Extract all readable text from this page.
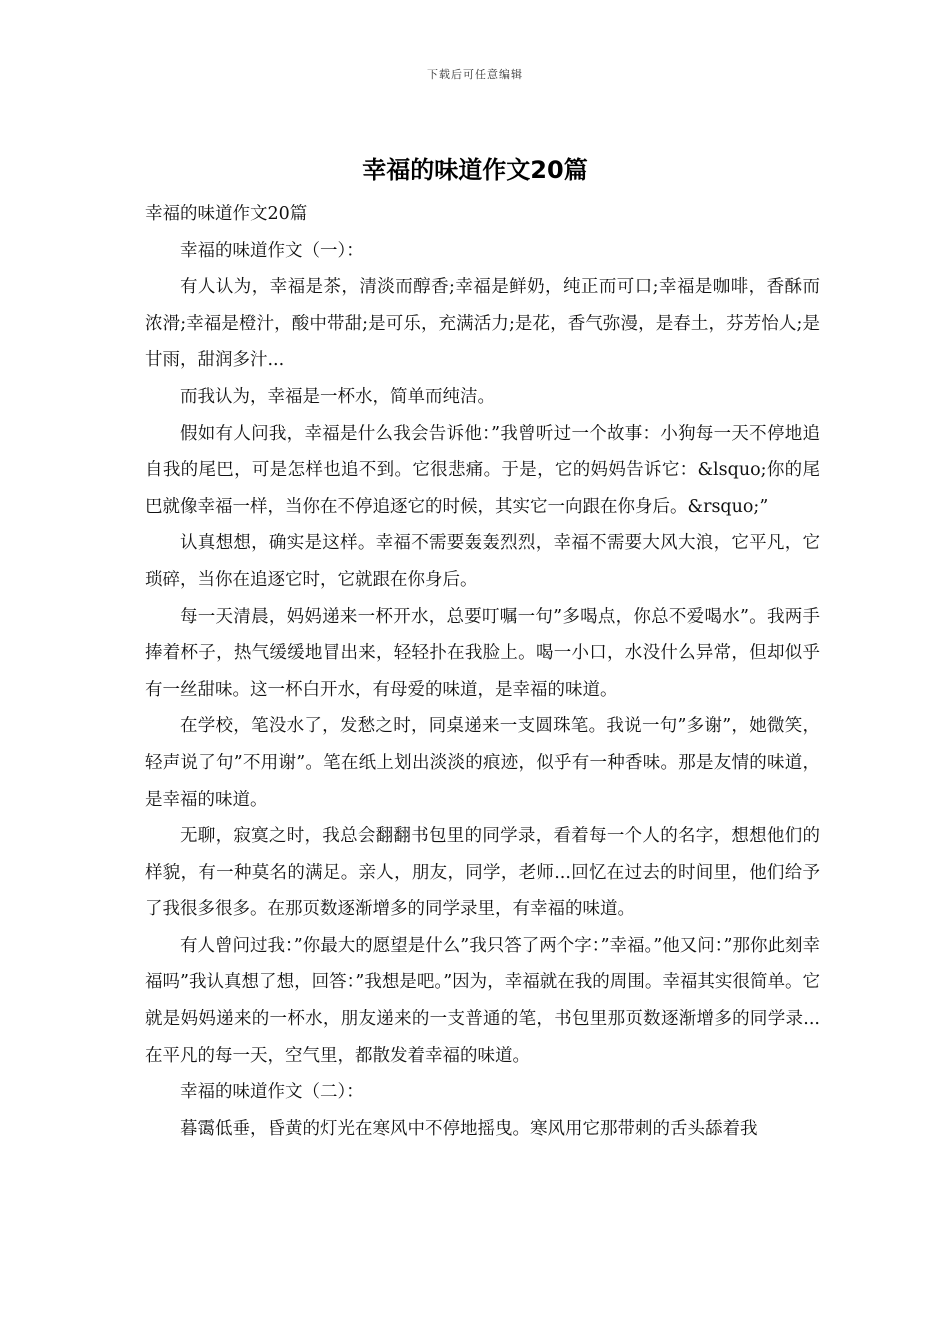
下载后可任意编辑
幸福的味道作文20篇

幸福的味道作文20篇

幸福的味道作文（一）：

有人认为，幸福是茶，清淡而醇香;幸福是鲜奶，纯正而可口;幸福是咖啡，香酥而浓滑;幸福是橙汁，酸中带甜;是可乐，充满活力;是花，香气弥漫，是春土，芬芳怡人;是甘雨，甜润多汁...

而我认为，幸福是一杯水，简单而纯洁。

假如有人问我，幸福是什么我会告诉他：”我曾听过一个故事：小狗每一天不停地追自我的尾巴，可是怎样也追不到。它很悲痛。于是，它的妈妈告诉它：&lsquo;你的尾巴就像幸福一样，当你在不停追逐它的时候，其实它一向跟在你身后。&rsquo;”

认真想想，确实是这样。幸福不需要轰轰烈烈，幸福不需要大风大浪，它平凡，它琐碎，当你在追逐它时，它就跟在你身后。

每一天清晨，妈妈递来一杯开水，总要叮嘱一句”多喝点，你总不爱喝水”。我两手捧着杯子，热气缓缓地冒出来，轻轻扑在我脸上。喝一小口，水没什么异常，但却似乎有一丝甜味。这一杯白开水，有母爱的味道，是幸福的味道。

在学校，笔没水了，发愁之时，同桌递来一支圆珠笔。我说一句”多谢”，她微笑，轻声说了句”不用谢”。笔在纸上划出淡淡的痕迹，似乎有一种香味。那是友情的味道，是幸福的味道。

无聊，寂寞之时，我总会翻翻书包里的同学录，看着每一个人的名字，想想他们的样貌，有一种莫名的满足。亲人，朋友，同学，老师...回忆在过去的时间里，他们给予了我很多很多。在那页数逐渐增多的同学录里，有幸福的味道。

有人曾问过我：”你最大的愿望是什么”我只答了两个字：”幸福。”他又问：”那你此刻幸福吗”我认真想了想，回答：”我想是吧。”因为，幸福就在我的周围。幸福其实很简单。它就是妈妈递来的一杯水，朋友递来的一支普通的笔，书包里那页数逐渐增多的同学录...在平凡的每一天，空气里，都散发着幸福的味道。

幸福的味道作文（二）：

暮霭低垂，昏黄的灯光在寒风中不停地摇曳。寒风用它那带刺的舌头舔着我
